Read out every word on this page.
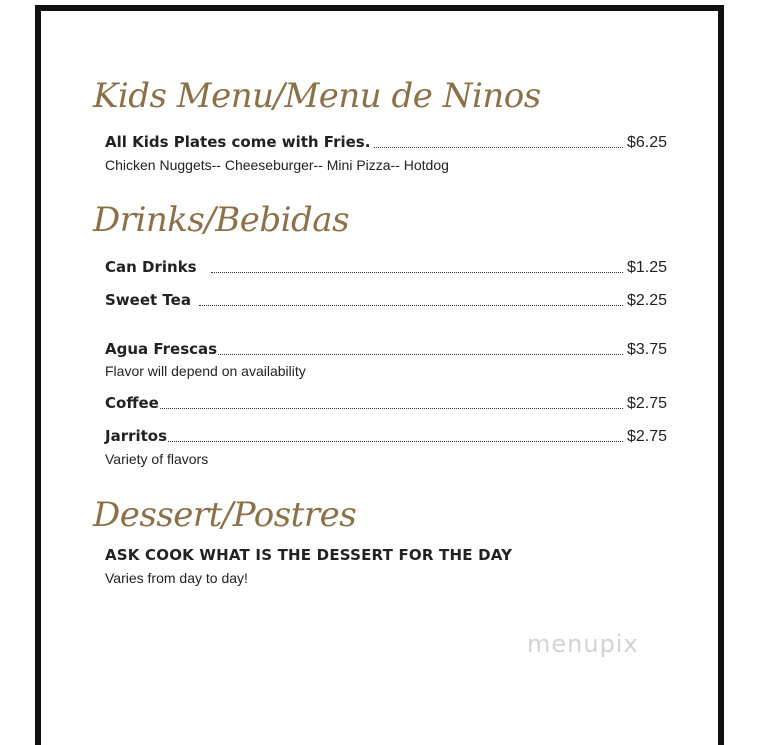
Kids Menu/Menu de Ninos
All Kids Plates come with Fries.	$6.25
Chicken Nuggets-- Cheeseburger-- Mini Pizza-- Hotdog
Drinks/Bebidas
Can Drinks	$1.25
Sweet Tea	$2.25
Agua Frescas	$3.75
Flavor will depend on availability
Coffee	$2.75
Jarritos	$2.75
Variety of flavors
Dessert/Postres
ASK COOK WHAT IS THE DESSERT FOR THE DAY
Varies from day to day!
menupix
